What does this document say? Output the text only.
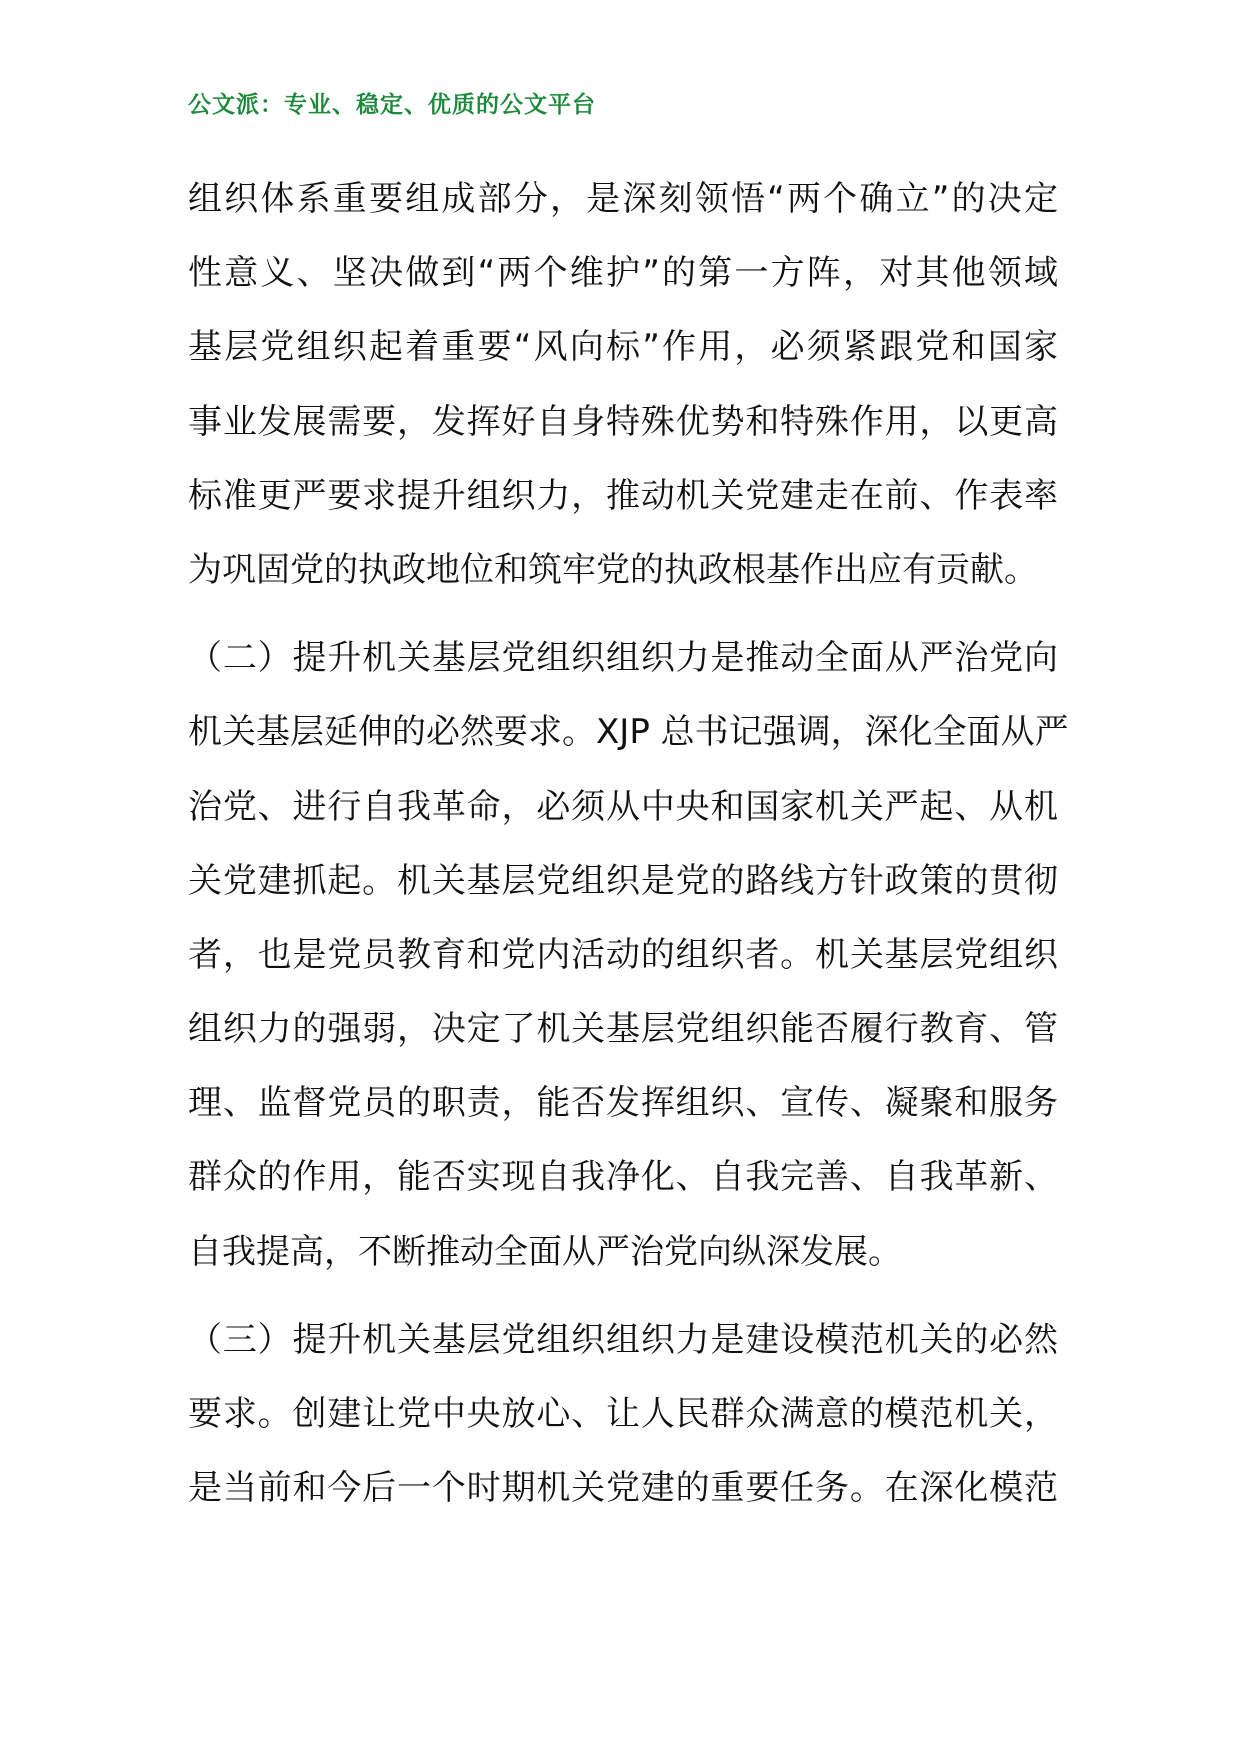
公文派：专业、稳定、优质的公文平台
组织体系重要组成部分，是深刻领悟“两个确立”的决定
性意义、坚决做到“两个维护”的第一方阵，对其他领域
基层党组织起着重要“风向标”作用，必须紧跟党和国家
事业发展需要，发挥好自身特殊优势和特殊作用，以更高
标准更严要求提升组织力，推动机关党建走在前、作表率
为巩固党的执政地位和筑牢党的执政根基作出应有贡献。
（二）提升机关基层党组织组织力是推动全面从严治党向
机关基层延伸的必然要求。XJP 总书记强调，深化全面从严
治党、进行自我革命，必须从中央和国家机关严起、从机
关党建抓起。机关基层党组织是党的路线方针政策的贯彻
者，也是党员教育和党内活动的组织者。机关基层党组织
组织力的强弱，决定了机关基层党组织能否履行教育、管
理、监督党员的职责，能否发挥组织、宣传、凝聚和服务
群众的作用，能否实现自我净化、自我完善、自我革新、
自我提高，不断推动全面从严治党向纵深发展。
（三）提升机关基层党组织组织力是建设模范机关的必然
要求。创建让党中央放心、让人民群众满意的模范机关，
是当前和今后一个时期机关党建的重要任务。在深化模范
